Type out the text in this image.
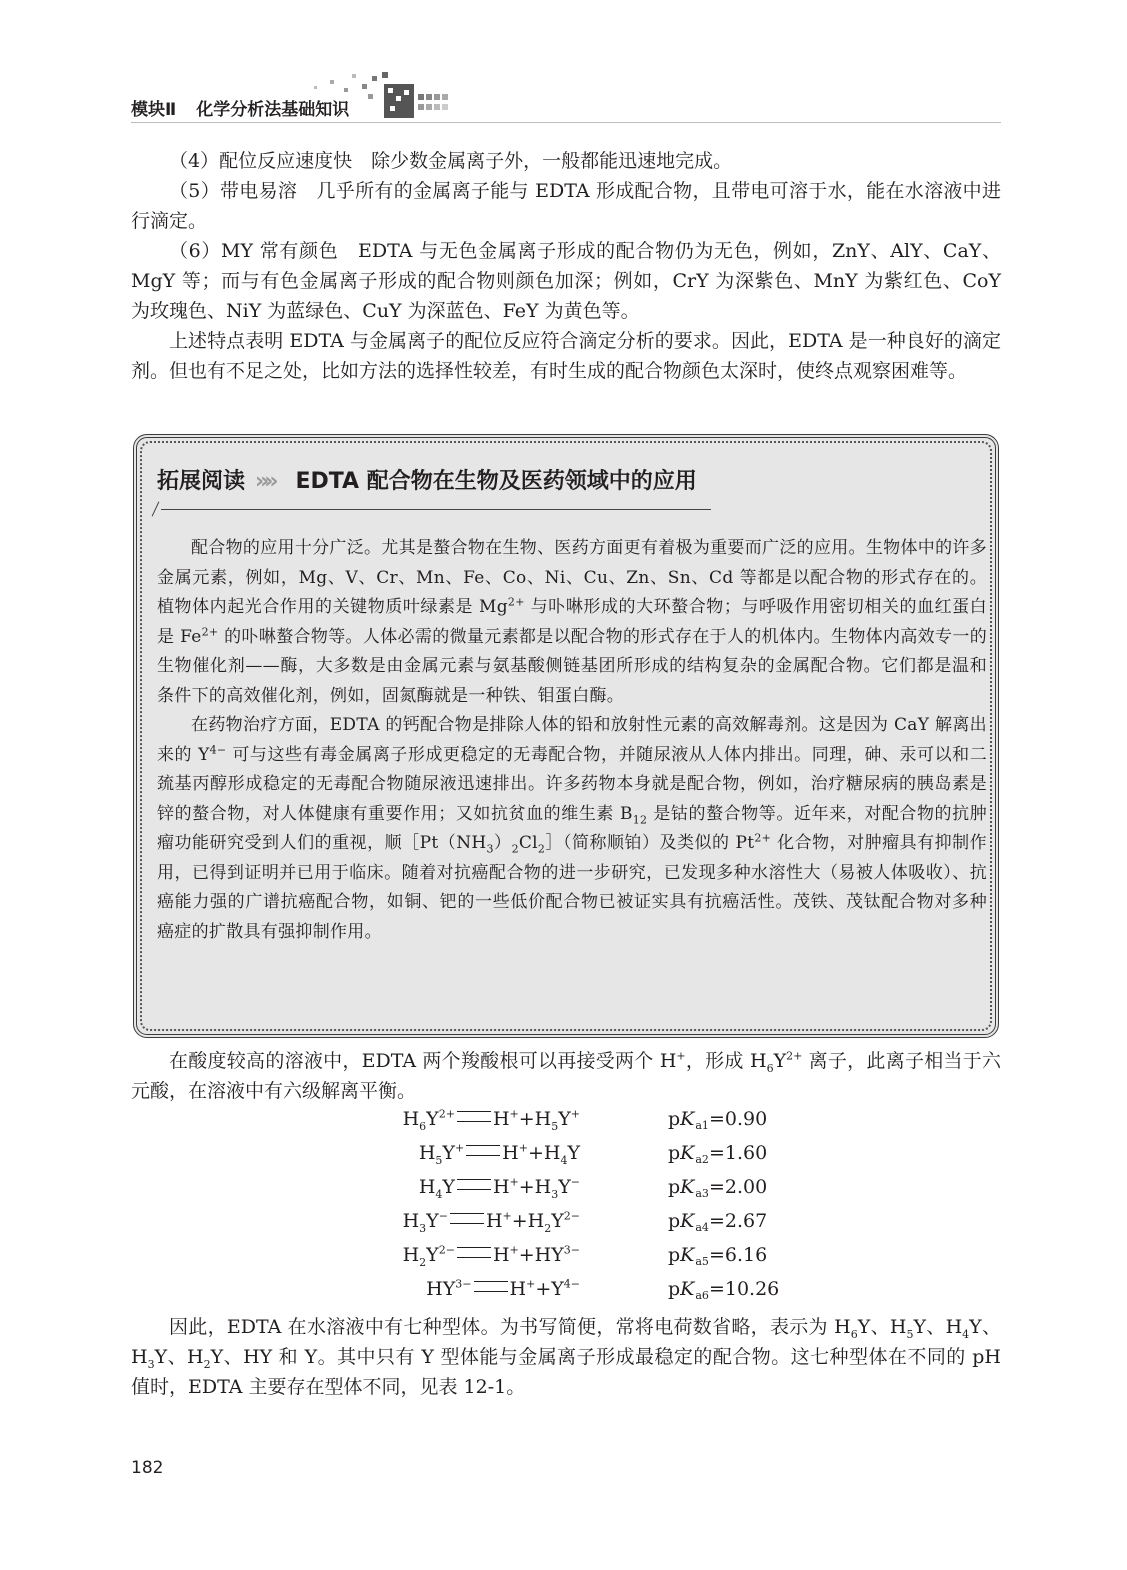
模块Ⅱ 化学分析法基础知识

（4）配位反应速度快　除少数金属离子外，一般都能迅速地完成。

（5）带电易溶　几乎所有的金属离子能与 EDTA 形成配合物，且带电可溶于水，能在水溶液中进行滴定。

（6）MY 常有颜色　EDTA 与无色金属离子形成的配合物仍为无色，例如，ZnY、AlY、CaY、MgY 等；而与有色金属离子形成的配合物则颜色加深；例如，CrY 为深紫色、MnY 为紫红色、CoY 为玫瑰色、NiY 为蓝绿色、CuY 为深蓝色、FeY 为黄色等。

上述特点表明 EDTA 与金属离子的配位反应符合滴定分析的要求。因此，EDTA 是一种良好的滴定剂。但也有不足之处，比如方法的选择性较差，有时生成的配合物颜色太深时，使终点观察困难等。

拓展阅读 »» EDTA 配合物在生物及医药领域中的应用

配合物的应用十分广泛。尤其是螯合物在生物、医药方面更有着极为重要而广泛的应用。生物体中的许多金属元素，例如，Mg、V、Cr、Mn、Fe、Co、Ni、Cu、Zn、Sn、Cd 等都是以配合物的形式存在的。植物体内起光合作用的关键物质叶绿素是 $Mg^{2+}$ 与卟啉形成的大环螯合物；与呼吸作用密切相关的血红蛋白是 $Fe^{2+}$ 的卟啉螯合物等。人体必需的微量元素都是以配合物的形式存在于人的机体内。生物体内高效专一的生物催化剂——酶，大多数是由金属元素与氨基酸侧链基团所形成的结构复杂的金属配合物。它们都是温和条件下的高效催化剂，例如，固氮酶就是一种铁、钼蛋白酶。

在药物治疗方面，EDTA 的钙配合物是排除人体的铅和放射性元素的高效解毒剂。这是因为 CaY 解离出来的 $Y^{4-}$ 可与这些有毒金属离子形成更稳定的无毒配合物，并随尿液从人体内排出。同理，砷、汞可以和二巯基丙醇形成稳定的无毒配合物随尿液迅速排出。许多药物本身就是配合物，例如，治疗糖尿病的胰岛素是锌的螯合物，对人体健康有重要作用；又如抗贫血的维生素 $B_{12}$ 是钴的螯合物等。近年来，对配合物的抗肿瘤功能研究受到人们的重视，顺$[Pt(NH_3)_2Cl_2]$（简称顺铂）及类似的 $Pt^{2+}$ 化合物，对肿瘤具有抑制作用，已得到证明并已用于临床。随着对抗癌配合物的进一步研究，已发现多种水溶性大（易被人体吸收）、抗癌能力强的广谱抗癌配合物，如铜、钯的一些低价配合物已被证实具有抗癌活性。茂铁、茂钛配合物对多种癌症的扩散具有强抑制作用。

在酸度较高的溶液中，EDTA 两个羧酸根可以再接受两个 H+，形成 $H_6Y^{2+}$ 离子，此离子相当于六元酸，在溶液中有六级解离平衡。

$H_6Y^{2+}$ $H^++H_5Y^+$	$pK_{a1}=0.90$
$H_5Y^+$ $H^++H_4Y$	$pK_{a2}=1.60$
$H_4Y$ $H^++H_3Y^-$	$pK_{a3}=2.00$
$H_3Y^-$ $H^++H_2Y^{2-}$	$pK_{a4}=2.67$
$H_2Y^{2-}$ $H^++HY^{3-}$	$pK_{a5}=6.16$
$HY^{3-}$ $H^++Y^{4-}$	$pK_{a6}=10.26$

因此，EDTA 在水溶液中有七种型体。为书写简便，常将电荷数省略，表示为 $H_6Y$、$H_5Y$、$H_4Y$、$H_3Y$、$H_2Y$、HY 和 Y。其中只有 Y 型体能与金属离子形成最稳定的配合物。这七种型体在不同的 pH 值时，EDTA 主要存在型体不同，见表 12-1。

182
